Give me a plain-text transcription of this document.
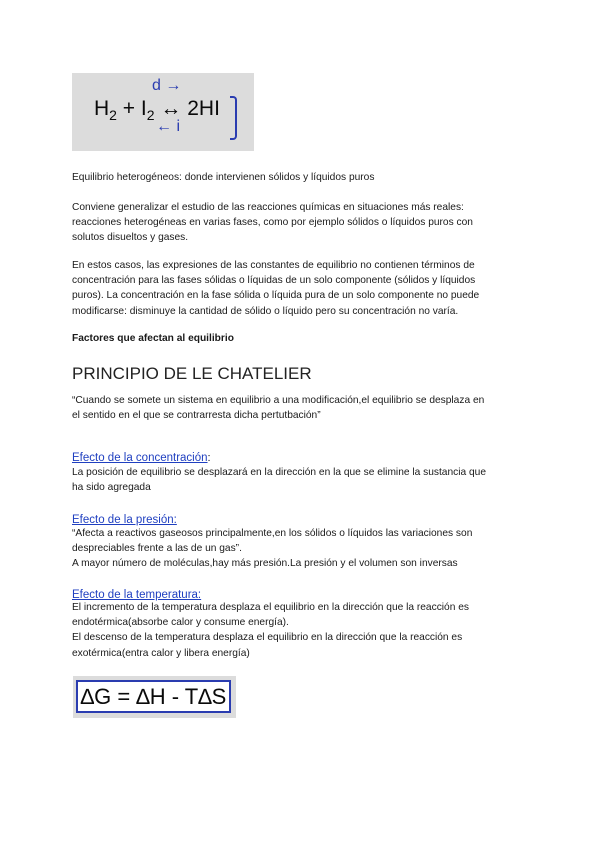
d →
$H_2 + I_2$ ↔ 2HI
← i

Equilibrio heterogéneos: donde intervienen sólidos y líquidos puros

Conviene generalizar el estudio de las reacciones químicas en situaciones más reales:
reacciones heterogéneas en varias fases, como por ejemplo sólidos o líquidos puros con
solutos disueltos y gases.

En estos casos, las expresiones de las constantes de equilibrio no contienen términos de
concentración para las fases sólidas o líquidas de un solo componente (sólidos y líquidos
puros). La concentración en la fase sólida o líquida pura de un solo componente no puede
modificarse: disminuye la cantidad de sólido o líquido pero su concentración no varía.

Factores que afectan al equilibrio

PRINCIPIO DE LE CHATELIER

“Cuando se somete un sistema en equilibrio a una modificación,el equilibrio se desplaza en
el sentido en el que se contrarresta dicha pertutbación”

Efecto de la concentración:

La posición de equilibrio se desplazará en la dirección en la que se elimine la sustancia que
ha sido agregada

Efecto de la presión:

“Afecta a reactivos gaseosos principalmente,en los sólidos o líquidos las variaciones son
despreciables frente a las de un gas”.
A mayor número de moléculas,hay más presión.La presión y el volumen son inversas

Efecto de la temperatura:

El incremento de la temperatura desplaza el equilibrio en la dirección que la reacción es
endotérmica(absorbe calor y consume energía).
El descenso de la temperatura desplaza el equilibrio en la dirección que la reacción es
exotérmica(entra calor y libera energía)

∆G = ∆H - T∆S
